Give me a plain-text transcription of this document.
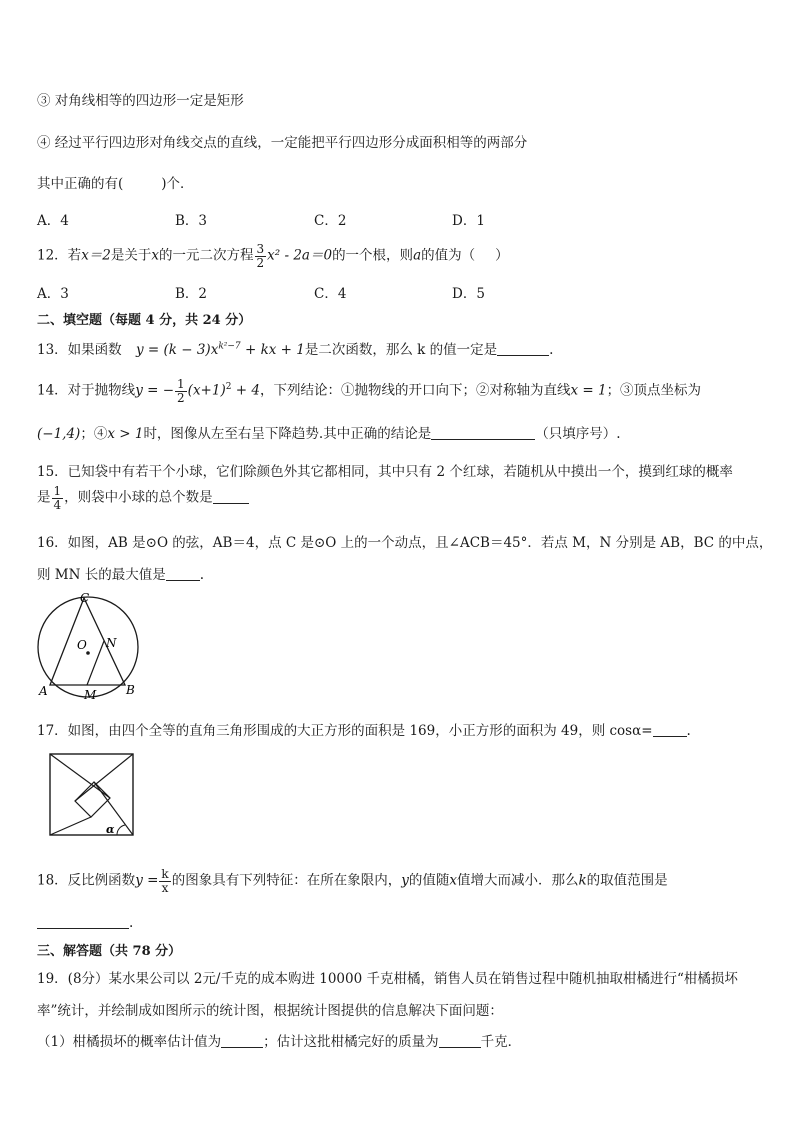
③ 对角线相等的四边形一定是矩形
④ 经过平行四边形对角线交点的直线，一定能把平行四边形分成面积相等的两部分
其中正确的有(	)个．
A．4	B．3	C．2	D．1
12．若x＝2是关于x的一元二次方程 $\frac{3}{2} x^2 - 2a=0$的一个根，则a的值为（ ）
A．3	B．2	C．4	D．5
二、填空题（每题 4 分，共 24 分）
13．如果函数 $y = (k - 3)x^{k^2-7}$ + kx + 1是二次函数，那么 k 的值一定是	.
14．对于抛物线y = − $\frac{1}{2} (x+1)^2 + 4$，下列结论：①抛物线的开口向下；②对称轴为直线x = 1；③顶点坐标为
(−1,4)；④x > 1时，图像从左至右呈下降趋势.其中正确的结论是	（只填序号）.
15．已知袋中有若干个小球，它们除颜色外其它都相同，其中只有 2 个红球，若随机从中摸出一个，摸到红球的概率
是 $\frac{1}{4}$ ，则袋中小球的总个数是
16．如图，AB 是⊙O 的弦，AB＝4，点 C 是⊙O 上的一个动点，且∠ACB＝45°．若点 M，N 分别是 AB，BC 的中点，
则 MN 长的最大值是	.
C
O N
A	M B
17．如图，由四个全等的直角三角形围成的大正方形的面积是 169，小正方形的面积为 49，则 cosα=	.
α
18．反比例函数$y = \frac{k}{x}$ 的图象具有下列特征：在所在象限内，y的值随x值增大而减小．那么k的取值范围是
.
三、解答题（共 78 分）
19．(8分）某水果公司以 2元/千克的成本购进 10000 千克柑橘，销售人员在销售过程中随机抽取柑橘进行“柑橘损坏
率”统计，并绘制成如图所示的统计图，根据统计图提供的信息解决下面问题：
（1）柑橘损坏的概率估计值为	；估计这批柑橘完好的质量为	千克．
